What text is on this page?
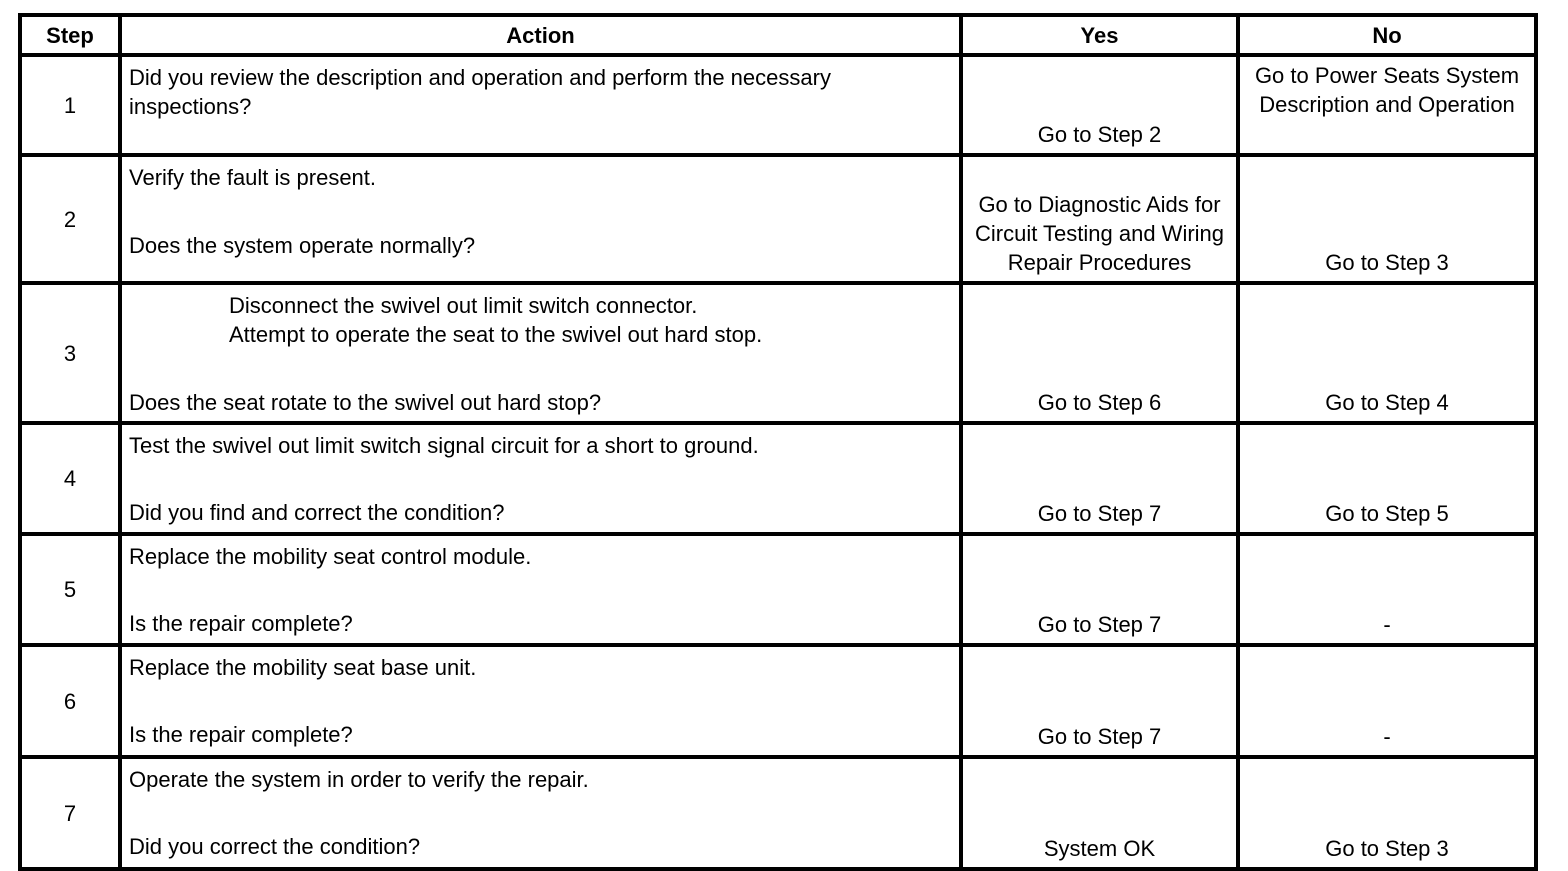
Step	Action	Yes	No
1	Did you review the description and operation and perform the necessary
inspections?	Go to Step 2	Go to Power Seats System Description and Operation
2	Verify the fault is present.
Does the system operate normally?	Go to Diagnostic Aids for Circuit Testing and Wiring Repair Procedures	Go to Step 3
3	Disconnect the swivel out limit switch connector.
Attempt to operate the seat to the swivel out hard stop.
Does the seat rotate to the swivel out hard stop?	Go to Step 6	Go to Step 4
4	Test the swivel out limit switch signal circuit for a short to ground.
Did you find and correct the condition?	Go to Step 7	Go to Step 5
5	Replace the mobility seat control module.
Is the repair complete?	Go to Step 7	-
6	Replace the mobility seat base unit.
Is the repair complete?	Go to Step 7	-
7	Operate the system in order to verify the repair.
Did you correct the condition?	System OK	Go to Step 3
